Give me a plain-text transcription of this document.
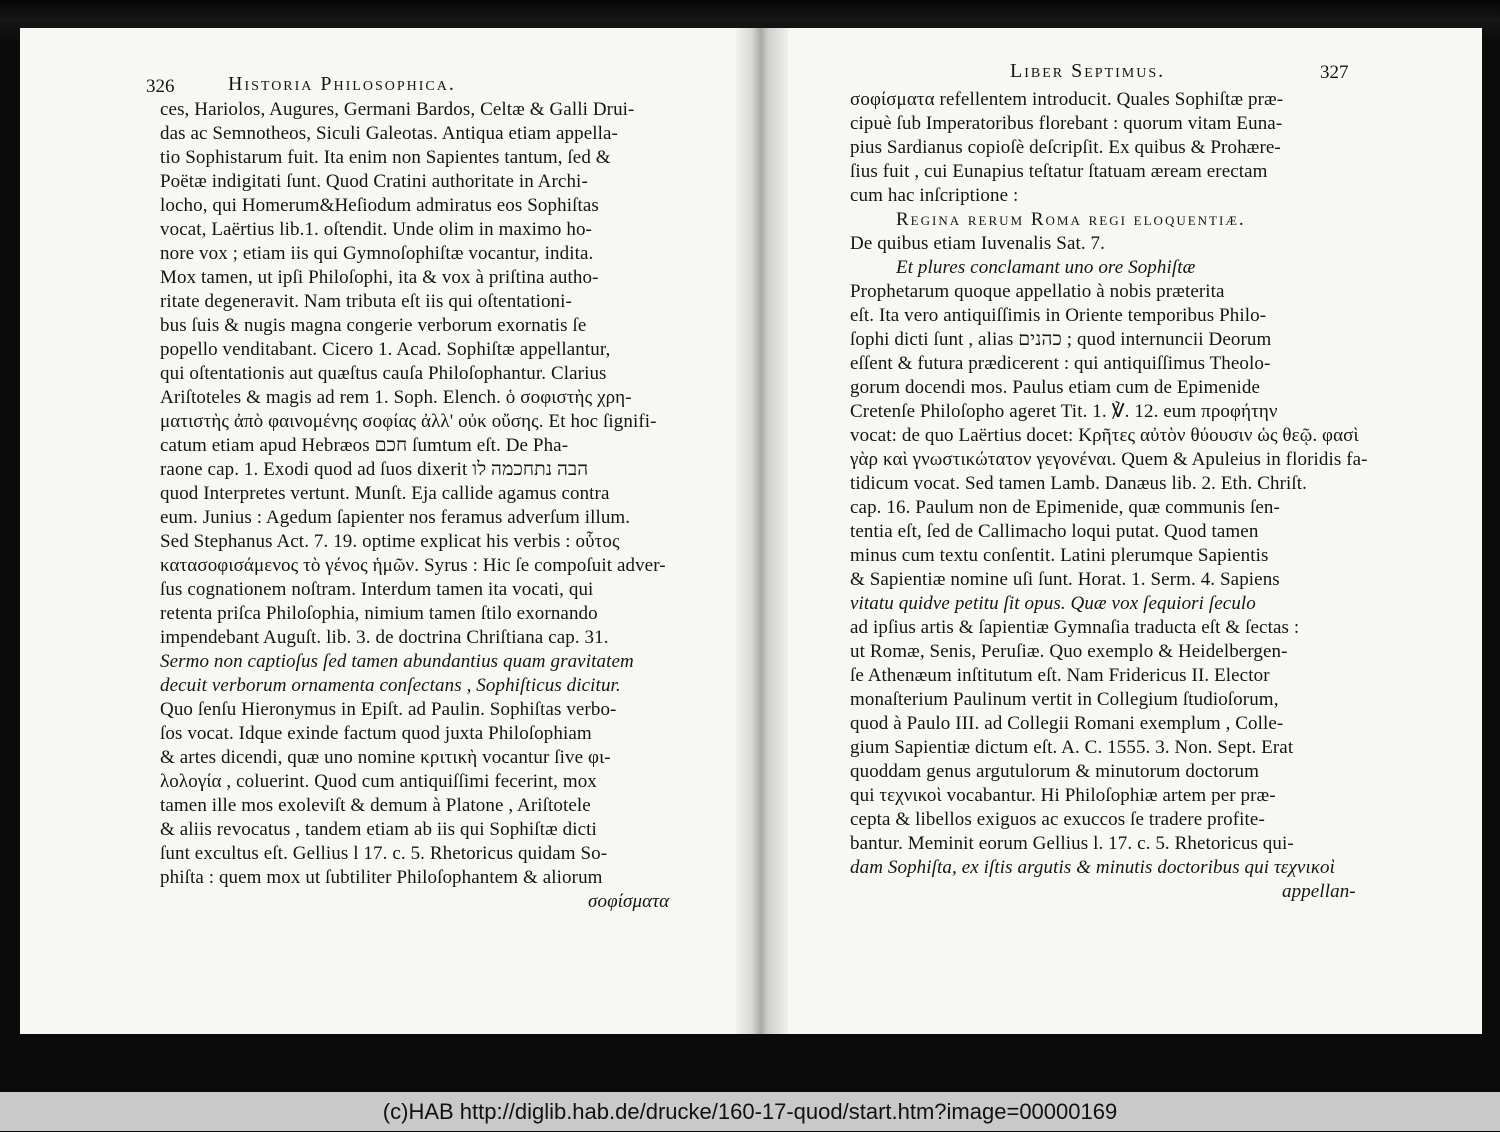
326	Historia Philosophica.
ces, Hariolos, Augures, Germani Bardos, Celtæ & Galli Drui-
das ac Semnotheos, Siculi Galeotas. Antiqua etiam appella-
tio Sophistarum fuit. Ita enim non Sapientes tantum, ſed &
Poëtæ indigitati ſunt. Quod Cratini authoritate in Archi-
locho, qui Homerum&Heſiodum admiratus eos Sophiſtas
vocat, Laërtius lib.1. oſtendit. Unde olim in maximo ho-
nore vox ; etiam iis qui Gymnoſophiſtæ vocantur, indita.
Mox tamen, ut ipſi Philoſophi, ita & vox à priſtina autho-
ritate degeneravit. Nam tributa eſt iis qui oſtentationi-
bus ſuis & nugis magna congerie verborum exornatis ſe
popello venditabant. Cicero 1. Acad. Sophiſtæ appellantur,
qui oſtentationis aut quæſtus cauſa Philoſophantur. Clarius
Ariſtoteles & magis ad rem 1. Soph. Elench. ὁ σοφιστὴς χρη-
ματιστὴς ἀπὸ φαινομένης σοφίας ἀλλ' οὐκ οὔσης. Et hoc ſignifi-
catum etiam apud Hebræos חכם ſumtum eſt. De Pha-
raone cap. 1. Exodi quod ad ſuos dixerit הבה נתחכמה לו
quod Interpretes vertunt. Munſt. Eja callide agamus contra
eum. Junius : Agedum ſapienter nos feramus adverſum illum.
Sed Stephanus Act. 7. 19. optime explicat his verbis : οὗτος
κατασοφισάμενος τὸ γένος ἡμῶν. Syrus : Hic ſe compoſuit adver-
ſus cognationem noſtram. Interdum tamen ita vocati, qui
retenta priſca Philoſophia, nimium tamen ſtilo exornando
impendebant Auguſt. lib. 3. de doctrina Chriſtiana cap. 31.
Sermo non captioſus ſed tamen abundantius quam gravitatem
decuit verborum ornamenta conſectans , Sophiſticus dicitur.
Quo ſenſu Hieronymus in Epiſt. ad Paulin. Sophiſtas verbo-
ſos vocat. Idque exinde factum quod juxta Philoſophiam
& artes dicendi, quæ uno nomine κριτικὴ vocantur ſive φι-
λολογία , coluerint. Quod cum antiquiſſimi fecerint, mox
tamen ille mos exoleviſt & demum à Platone , Ariſtotele
& aliis revocatus , tandem etiam ab iis qui Sophiſtæ dicti
ſunt excultus eſt. Gellius l 17. c. 5. Rhetoricus quidam So-
phiſta : quem mox ut ſubtiliter Philoſophantem & aliorum
σοφίσματα
Liber Septimus.	327
σοφίσματα refellentem introducit. Quales Sophiſtæ præ-
cipuè ſub Imperatoribus florebant : quorum vitam Euna-
pius Sardianus copioſè deſcripſit. Ex quibus & Prohære-
ſius fuit , cui Eunapius teſtatur ſtatuam æream erectam
cum hac inſcriptione :
Regina rerum Roma regi eloquentiæ.
De quibus etiam Iuvenalis Sat. 7.
Et plures conclamant uno ore Sophiſtæ
Prophetarum quoque appellatio à nobis præterita
eſt. Ita vero antiquiſſimis in Oriente temporibus Philo-
ſophi dicti ſunt , alias כהנים ; quod internuncii Deorum
eſſent & futura prædicerent : qui antiquiſſimus Theolo-
gorum docendi mos. Paulus etiam cum de Epimenide
Cretenſe Philoſopho ageret Tit. 1. ℣. 12. eum προφήτην
vocat: de quo Laërtius docet: Κρῆτες αὐτὸν θύουσιν ὡς θεῷ. φασὶ
γὰρ καὶ γνωστικώτατον γεγονέναι. Quem & Apuleius in floridis fa-
tidicum vocat. Sed tamen Lamb. Danæus lib. 2. Eth. Chriſt.
cap. 16. Paulum non de Epimenide, quæ communis ſen-
tentia eſt, ſed de Callimacho loqui putat. Quod tamen
minus cum textu conſentit. Latini plerumque Sapientis
& Sapientiæ nomine uſi ſunt. Horat. 1. Serm. 4. Sapiens
vitatu quidve petitu ſit opus. Quæ vox ſequiori ſeculo
ad ipſius artis & ſapientiæ Gymnaſia traducta eſt & ſectas :
ut Romæ, Senis, Peruſiæ. Quo exemplo & Heidelbergen-
ſe Athenæum inſtitutum eſt. Nam Fridericus II. Elector
monaſterium Paulinum vertit in Collegium ſtudioſorum,
quod à Paulo III. ad Collegii Romani exemplum , Colle-
gium Sapientiæ dictum eſt. A. C. 1555. 3. Non. Sept. Erat
quoddam genus argutulorum & minutorum doctorum
qui τεχνικοὶ vocabantur. Hi Philoſophiæ artem per præ-
cepta & libellos exiguos ac exuccos ſe tradere profite-
bantur. Meminit eorum Gellius l. 17. c. 5. Rhetoricus qui-
dam Sophiſta, ex iſtis argutis & minutis doctoribus qui τεχνικοὶ
appellan-
(c)HAB http://diglib.hab.de/drucke/160-17-quod/start.htm?image=00000169
